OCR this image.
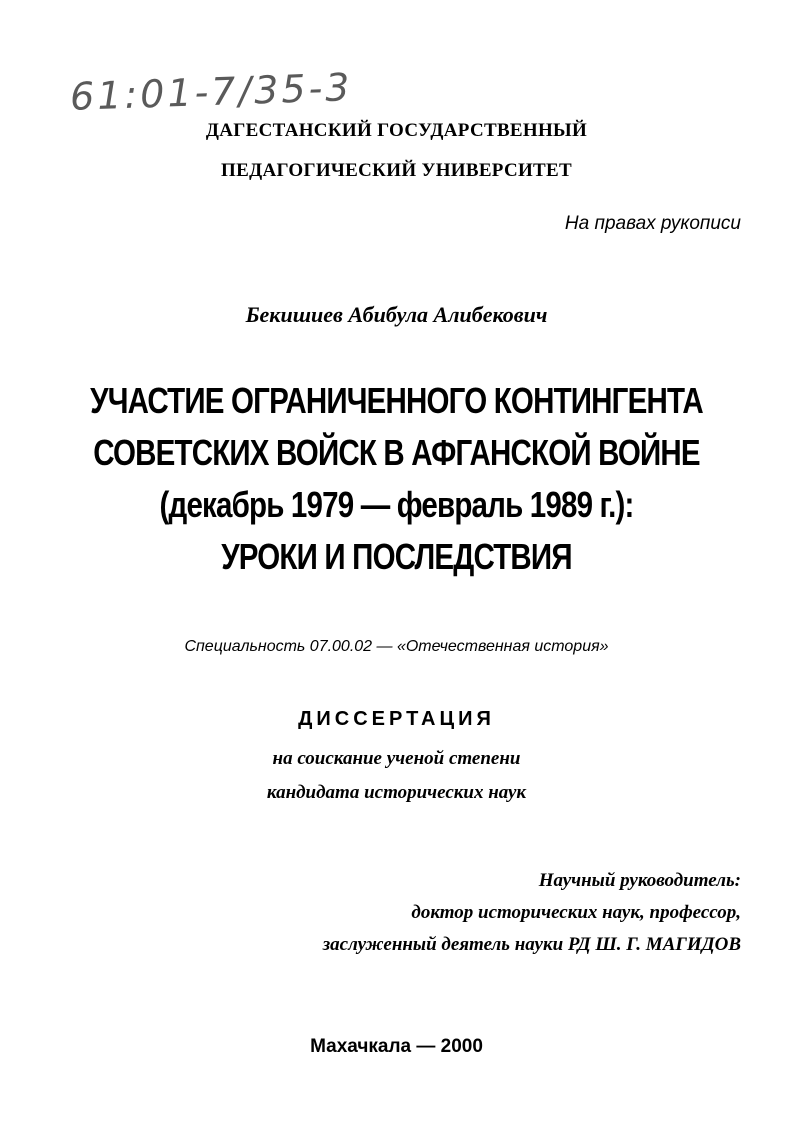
61:01-7/35-3
ДАГЕСТАНСКИЙ ГОСУДАРСТВЕННЫЙ
ПЕДАГОГИЧЕСКИЙ УНИВЕРСИТЕТ
На правах рукописи
Бекишиев Абибула Алибекович
УЧАСТИЕ ОГРАНИЧЕННОГО КОНТИНГЕНТА
СОВЕТСКИХ ВОЙСК В АФГАНСКОЙ ВОЙНЕ
(декабрь 1979 — февраль 1989 г.):
УРОКИ И ПОСЛЕДСТВИЯ
Специальность 07.00.02 — «Отечественная история»
ДИССЕРТАЦИЯ
на соискание ученой степени
кандидата исторических наук
Научный руководитель:
доктор исторических наук, профессор,
заслуженный деятель науки РД Ш. Г. МАГИДОВ
Махачкала — 2000
